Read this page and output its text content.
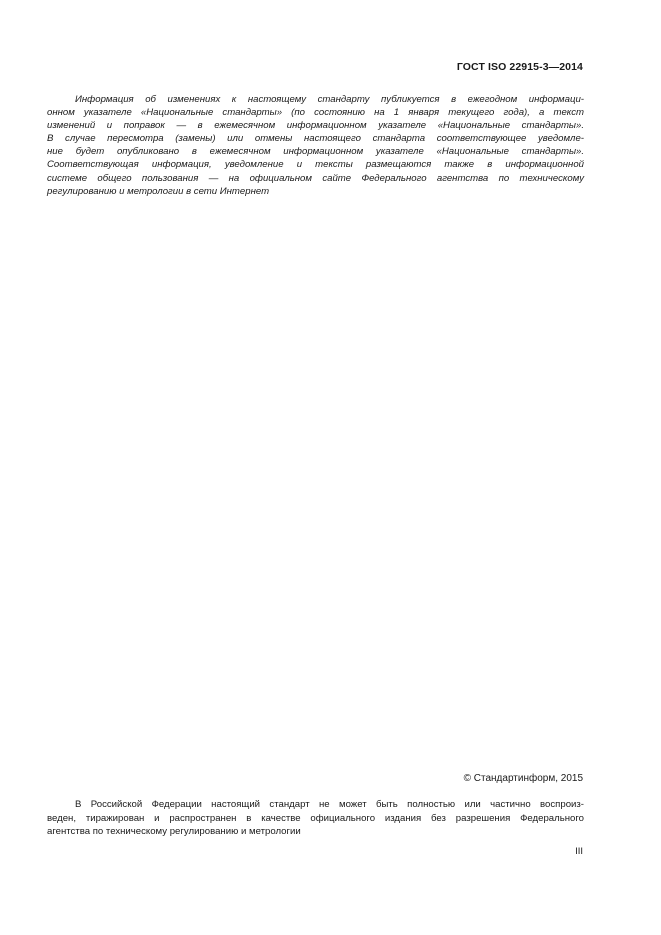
ГОСТ ISO 22915-3—2014
Информация об изменениях к настоящему стандарту публикуется в ежегодном информаци-
онном указателе «Национальные стандарты» (по состоянию на 1 января текущего года), а текст
изменений и поправок — в ежемесячном информационном указателе «Национальные стандарты».
В случае пересмотра (замены) или отмены настоящего стандарта соответствующее уведомле-
ние будет опубликовано в ежемесячном информационном указателе «Национальные стандарты».
Соответствующая информация, уведомление и тексты размещаются также в информационной
системе общего пользования — на официальном сайте Федерального агентства по техническому
регулированию и метрологии в сети Интернет
© Стандартинформ, 2015
В Российской Федерации настоящий стандарт не может быть полностью или частично воспроиз-
веден, тиражирован и распространен в качестве официального издания без разрешения Федерального
агентства по техническому регулированию и метрологии
III
